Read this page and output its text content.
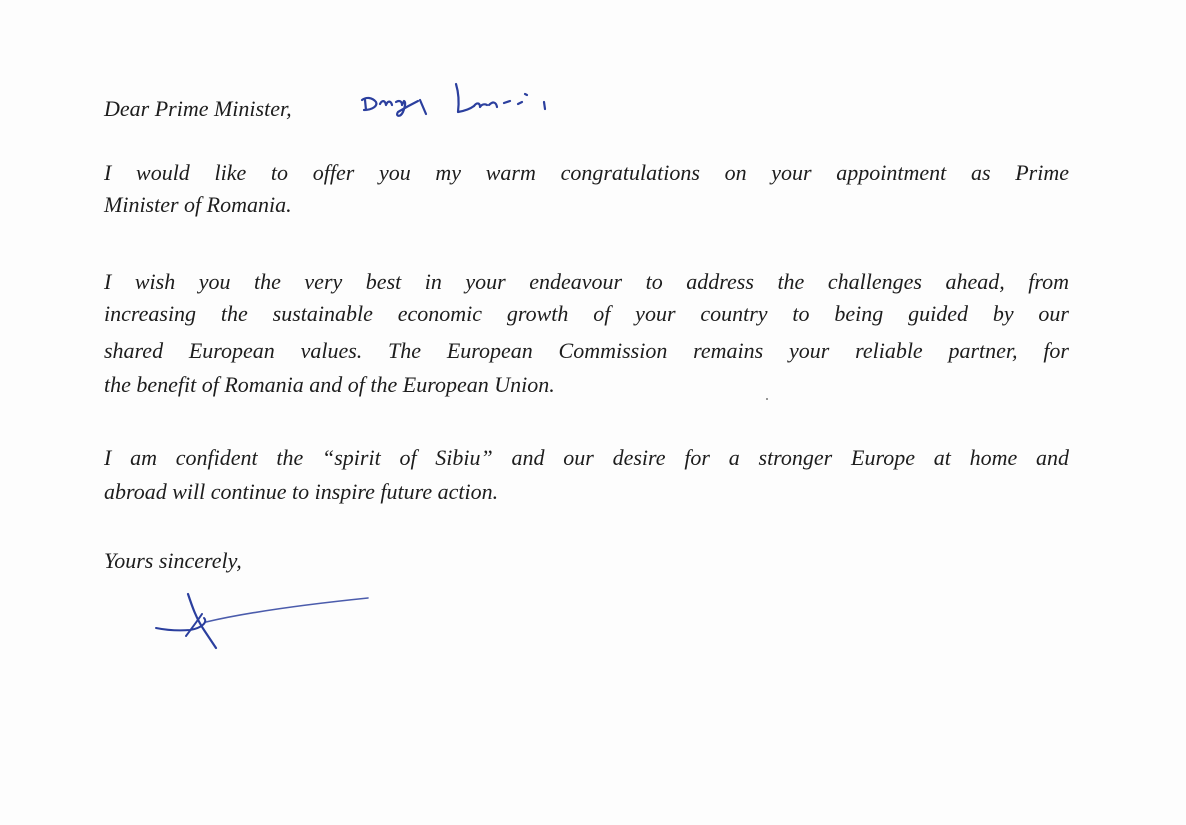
Dear Prime Minister,
Dragă Ludovic,
I would like to offer you my warm congratulations on your appointment as Prime
Minister of Romania.
I wish you the very best in your endeavour to address the challenges ahead, from
increasing the sustainable economic growth of your country to being guided by our
shared European values. The European Commission remains your reliable partner, for
the benefit of Romania and of the European Union.
I am confident the “spirit of Sibiu” and our desire for a stronger Europe at home and
abroad will continue to inspire future action.
Yours sincerely,
